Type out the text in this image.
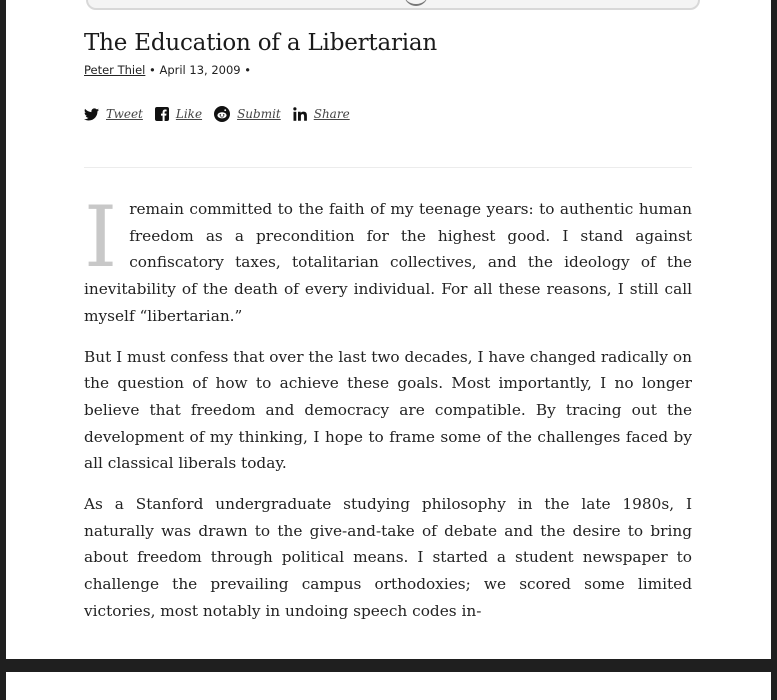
The Education of a Libertarian
Peter Thiel • April 13, 2009 •
Tweet	Like	Submit	Share

Iremain committed to the faith of my teenage years: to authentic human freedom as a precondition for the highest good. I stand against confiscatory taxes, totalitarian collectives, and the ideology of the inevitability of the death of every individual. For all these reasons, I still call myself “libertarian.”

But I must confess that over the last two decades, I have changed radically on the question of how to achieve these goals. Most importantly, I no longer believe that freedom and democracy are compatible. By tracing out the development of my thinking, I hope to frame some of the challenges faced by all classical liberals today.

As a Stanford undergraduate studying philosophy in the late 1980s, I naturally was drawn to the give-and-take of debate and the desire to bring about freedom through political means. I started a student newspaper to challenge the prevailing campus orthodoxies; we scored some limited victories, most notably in undoing speech codes in-
